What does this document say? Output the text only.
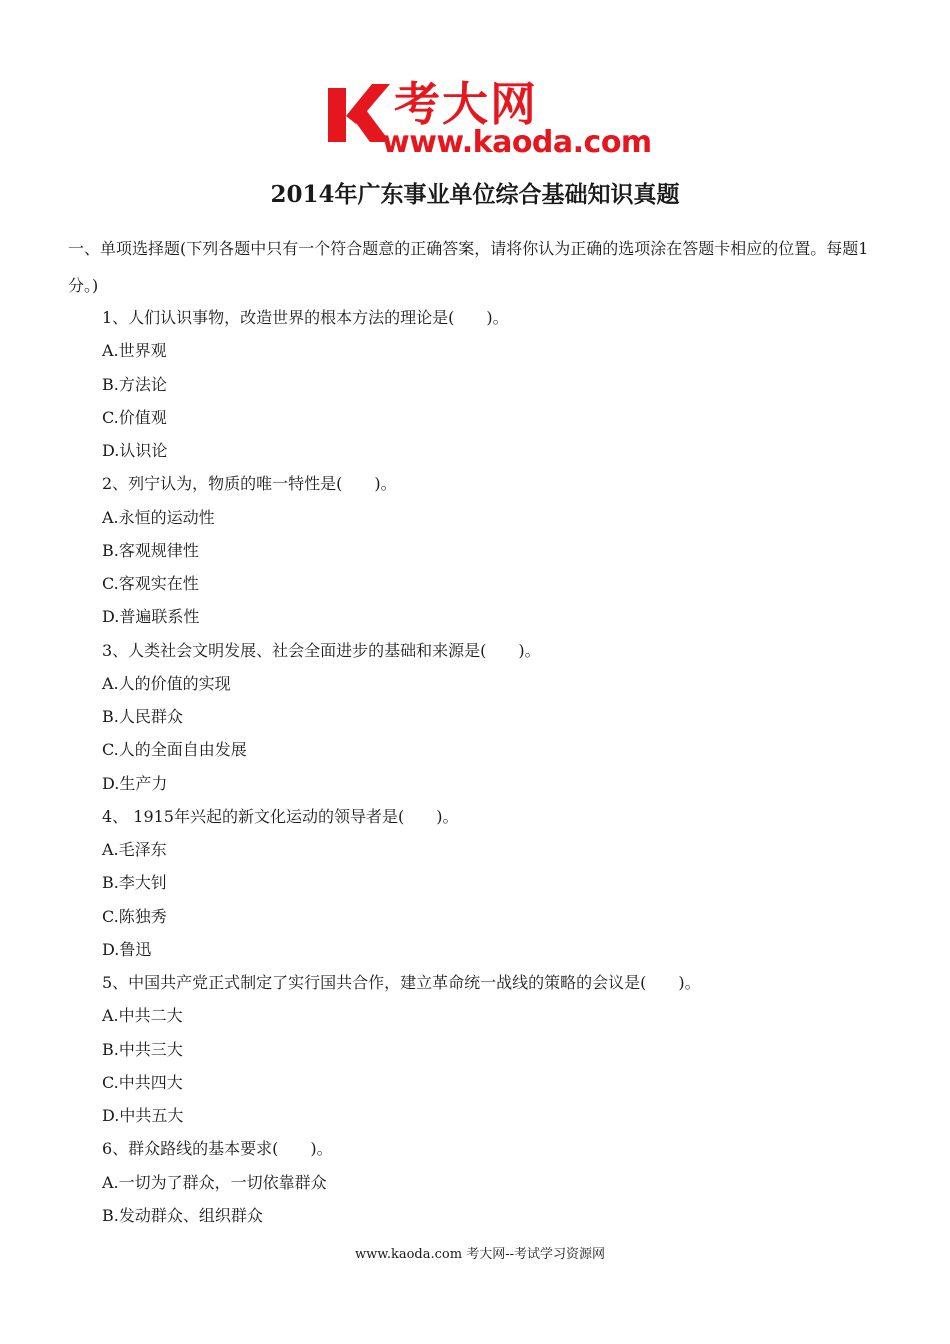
考大网
www.kaoda.com
2014年广东事业单位综合基础知识真题
一、单项选择题(下列各题中只有一个符合题意的正确答案，请将你认为正确的选项涂在答题卡相应的位置。每题1分。)
1、人们认识事物，改造世界的根本方法的理论是(　　)。
A.世界观
B.方法论
C.价值观
D.认识论
2、列宁认为，物质的唯一特性是(　　)。
A.永恒的运动性
B.客观规律性
C.客观实在性
D.普遍联系性
3、人类社会文明发展、社会全面进步的基础和来源是(　　)。
A.人的价值的实现
B.人民群众
C.人的全面自由发展
D.生产力
4、 1915年兴起的新文化运动的领导者是(　　)。
A.毛泽东
B.李大钊
C.陈独秀
D.鲁迅
5、中国共产党正式制定了实行国共合作，建立革命统一战线的策略的会议是(　　)。
A.中共二大
B.中共三大
C.中共四大
D.中共五大
6、群众路线的基本要求(　　)。
A.一切为了群众，一切依靠群众
B.发动群众、组织群众
www.kaoda.com 考大网--考试学习资源网
